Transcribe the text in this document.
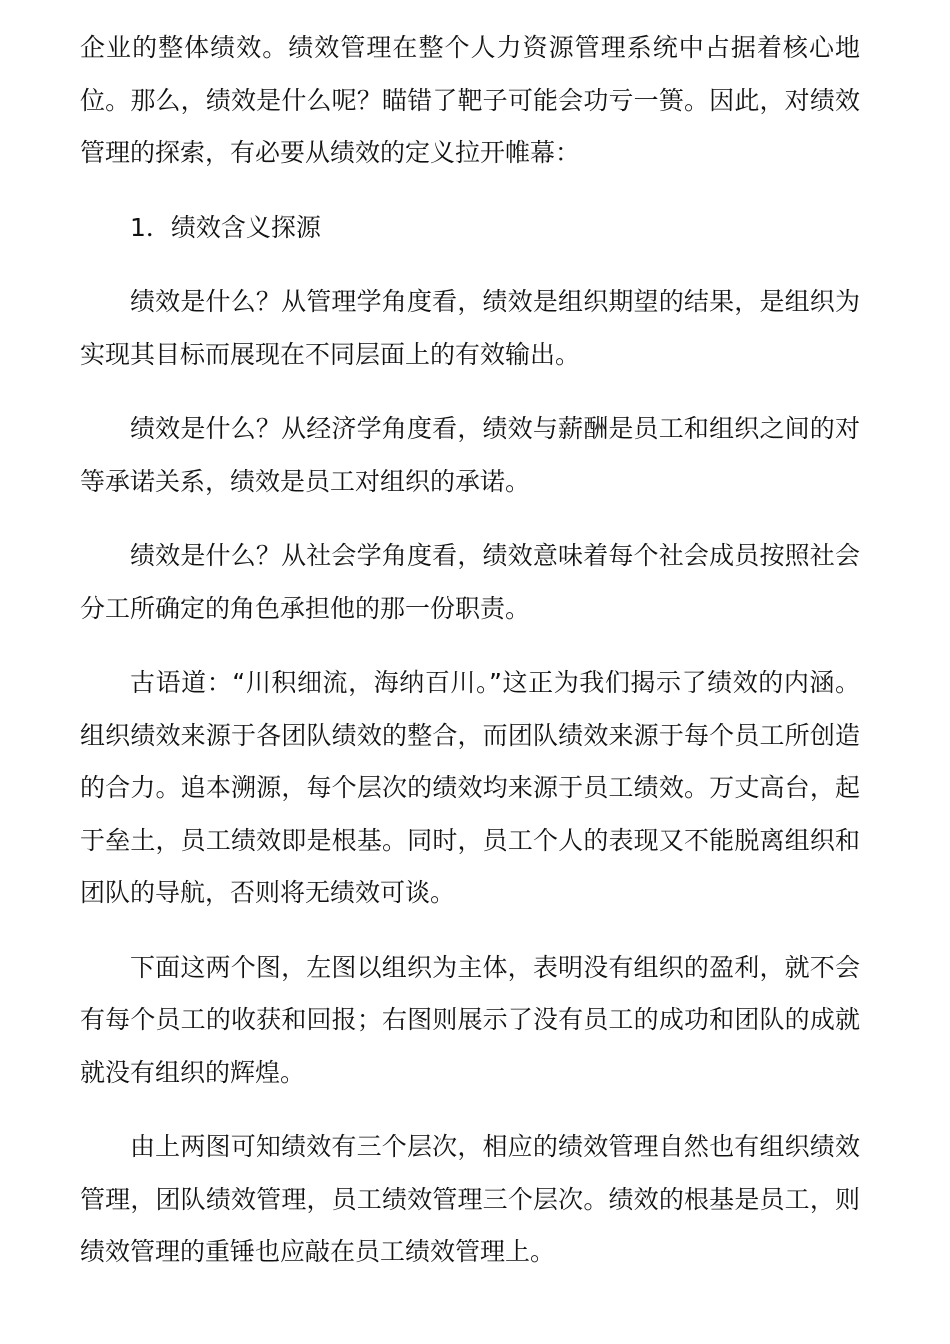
企业的整体绩效。绩效管理在整个人力资源管理系统中占据着核心地位。那么，绩效是什么呢？瞄错了靶子可能会功亏一篑。因此，对绩效管理的探索，有必要从绩效的定义拉开帷幕：

1．绩效含义探源

绩效是什么？从管理学角度看，绩效是组织期望的结果，是组织为实现其目标而展现在不同层面上的有效输出。

绩效是什么？从经济学角度看，绩效与薪酬是员工和组织之间的对等承诺关系，绩效是员工对组织的承诺。

绩效是什么？从社会学角度看，绩效意味着每个社会成员按照社会分工所确定的角色承担他的那一份职责。

古语道：“川积细流，海纳百川。”这正为我们揭示了绩效的内涵。组织绩效来源于各团队绩效的整合，而团队绩效来源于每个员工所创造的合力。追本溯源，每个层次的绩效均来源于员工绩效。万丈高台，起于垒土，员工绩效即是根基。同时，员工个人的表现又不能脱离组织和团队的导航，否则将无绩效可谈。

下面这两个图，左图以组织为主体，表明没有组织的盈利，就不会有每个员工的收获和回报；右图则展示了没有员工的成功和团队的成就就没有组织的辉煌。

由上两图可知绩效有三个层次，相应的绩效管理自然也有组织绩效管理，团队绩效管理，员工绩效管理三个层次。绩效的根基是员工，则绩效管理的重锤也应敲在员工绩效管理上。
